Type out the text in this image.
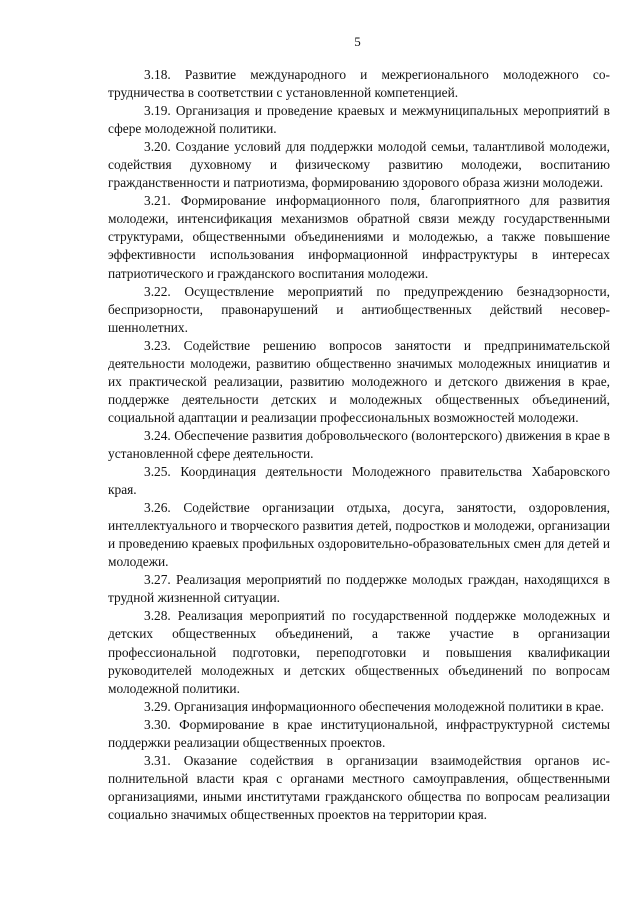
5

3.18. Развитие международного и межрегионального молодежного сотрудничества в соответствии с установленной компетенцией.

3.19. Организация и проведение краевых и межмуниципальных мероприятий в сфере молодежной политики.

3.20. Создание условий для поддержки молодой семьи, талантливой молодежи, содействия духовному и физическому развитию молодежи, воспитанию гражданственности и патриотизма, формированию здорового образа жизни молодежи.

3.21. Формирование информационного поля, благоприятного для развития молодежи, интенсификация механизмов обратной связи между государственными структурами, общественными объединениями и молодежью, а также повышение эффективности использования информационной инфраструктуры в интересах патриотического и гражданского воспитания молодежи.

3.22. Осуществление мероприятий по предупреждению безнадзорности, беспризорности, правонарушений и антиобщественных действий несовершеннолетних.

3.23. Содействие решению вопросов занятости и предпринимательской деятельности молодежи, развитию общественно значимых молодежных инициатив и их практической реализации, развитию молодежного и детского движения в крае, поддержке деятельности детских и молодежных общественных объединений, социальной адаптации и реализации профессиональных возможностей молодежи.

3.24. Обеспечение развития добровольческого (волонтерского) движения в крае в установленной сфере деятельности.

3.25. Координация деятельности Молодежного правительства Хабаровского края.

3.26. Содействие организации отдыха, досуга, занятости, оздоровления, интеллектуального и творческого развития детей, подростков и молодежи, организации и проведению краевых профильных оздоровительно-образовательных смен для детей и молодежи.

3.27. Реализация мероприятий по поддержке молодых граждан, находящихся в трудной жизненной ситуации.

3.28. Реализация мероприятий по государственной поддержке молодежных и детских общественных объединений, а также участие в организации профессиональной подготовки, переподготовки и повышения квалификации руководителей молодежных и детских общественных объединений по вопросам молодежной политики.

3.29. Организация информационного обеспечения молодежной политики в крае.

3.30. Формирование в крае институциональной, инфраструктурной системы поддержки реализации общественных проектов.

3.31. Оказание содействия в организации взаимодействия органов исполнительной власти края с органами местного самоуправления, общественными организациями, иными институтами гражданского общества по вопросам реализации социально значимых общественных проектов на территории края.
